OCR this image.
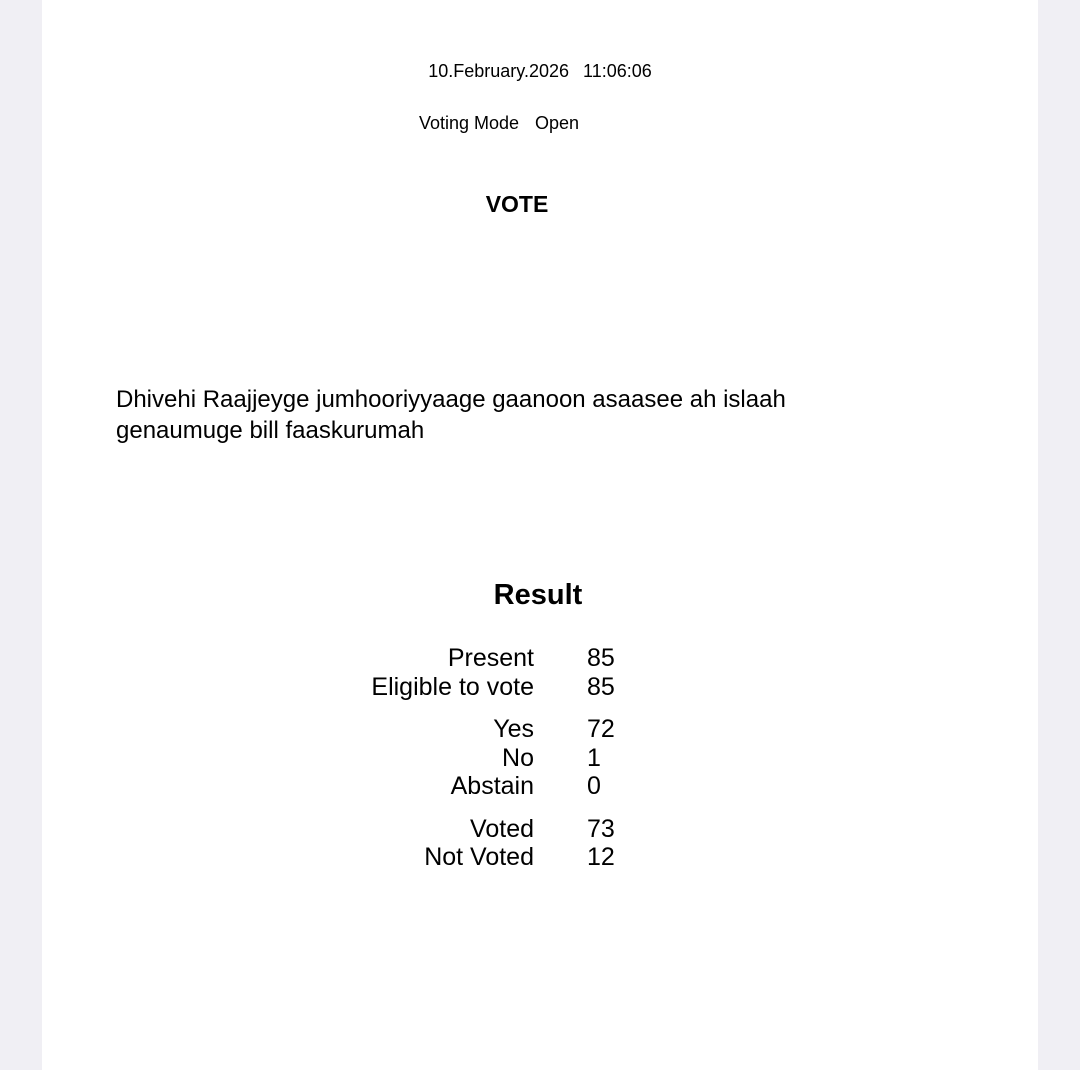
10.February.2026 11:06:06
Voting Mode Open
VOTE
Dhivehi Raajjeyge jumhooriyyaage gaanoon asaasee ah islaah genaumuge bill faaskurumah
Result
Present 85
Eligible to vote 85
Yes 72
No 1
Abstain 0
Voted 73
Not Voted 12
